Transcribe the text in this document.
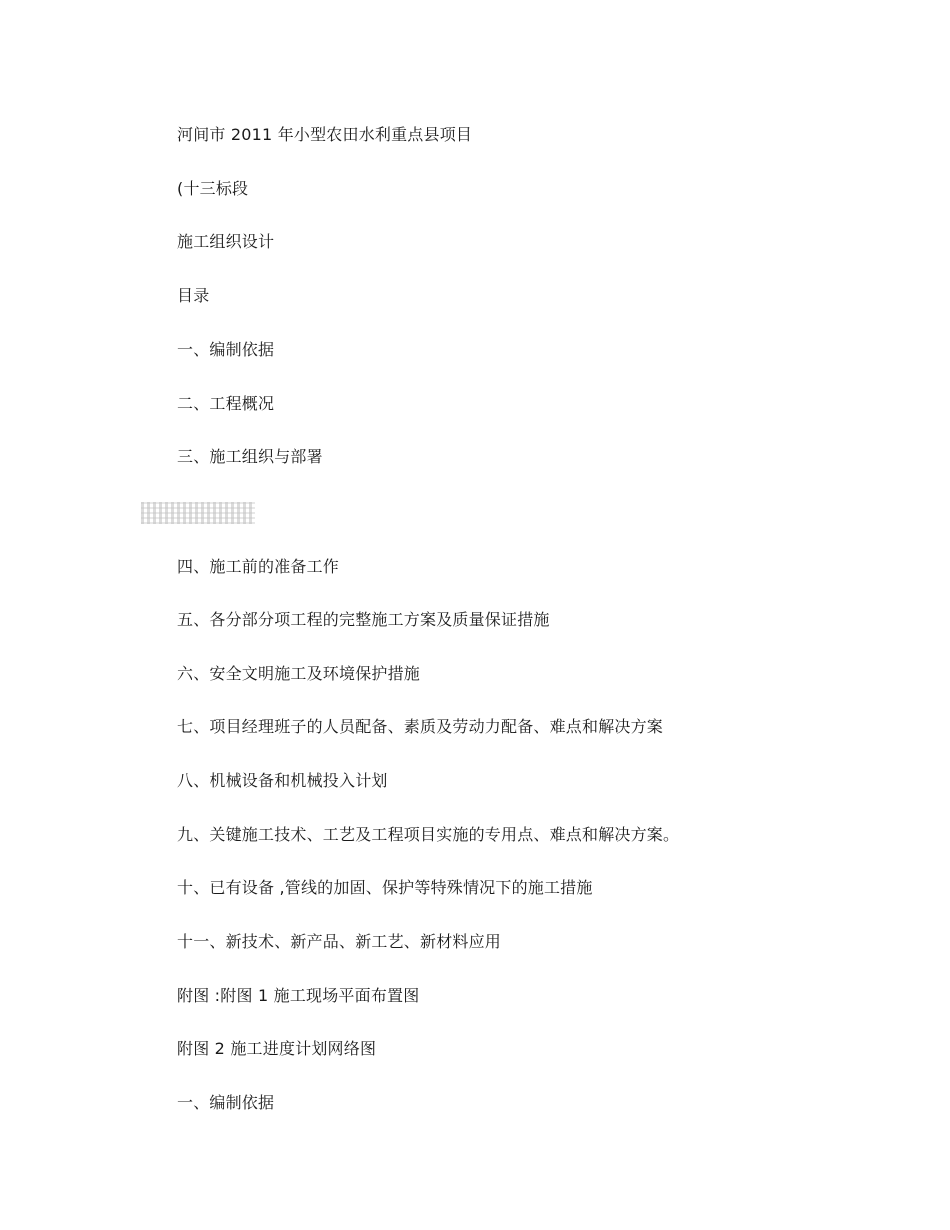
河间市 2011 年小型农田水利重点县项目
(十三标段
施工组织设计
目录
一、编制依据
二、工程概况
三、施工组织与部署
四、施工前的准备工作
五、各分部分项工程的完整施工方案及质量保证措施
六、安全文明施工及环境保护措施
七、项目经理班子的人员配备、素质及劳动力配备、难点和解决方案
八、机械设备和机械投入计划
九、关键施工技术、工艺及工程项目实施的专用点、难点和解决方案。
十、已有设备 ,管线的加固、保护等特殊情况下的施工措施
十一、新技术、新产品、新工艺、新材料应用
附图 :附图 1 施工现场平面布置图
附图 2 施工进度计划网络图
一、编制依据
